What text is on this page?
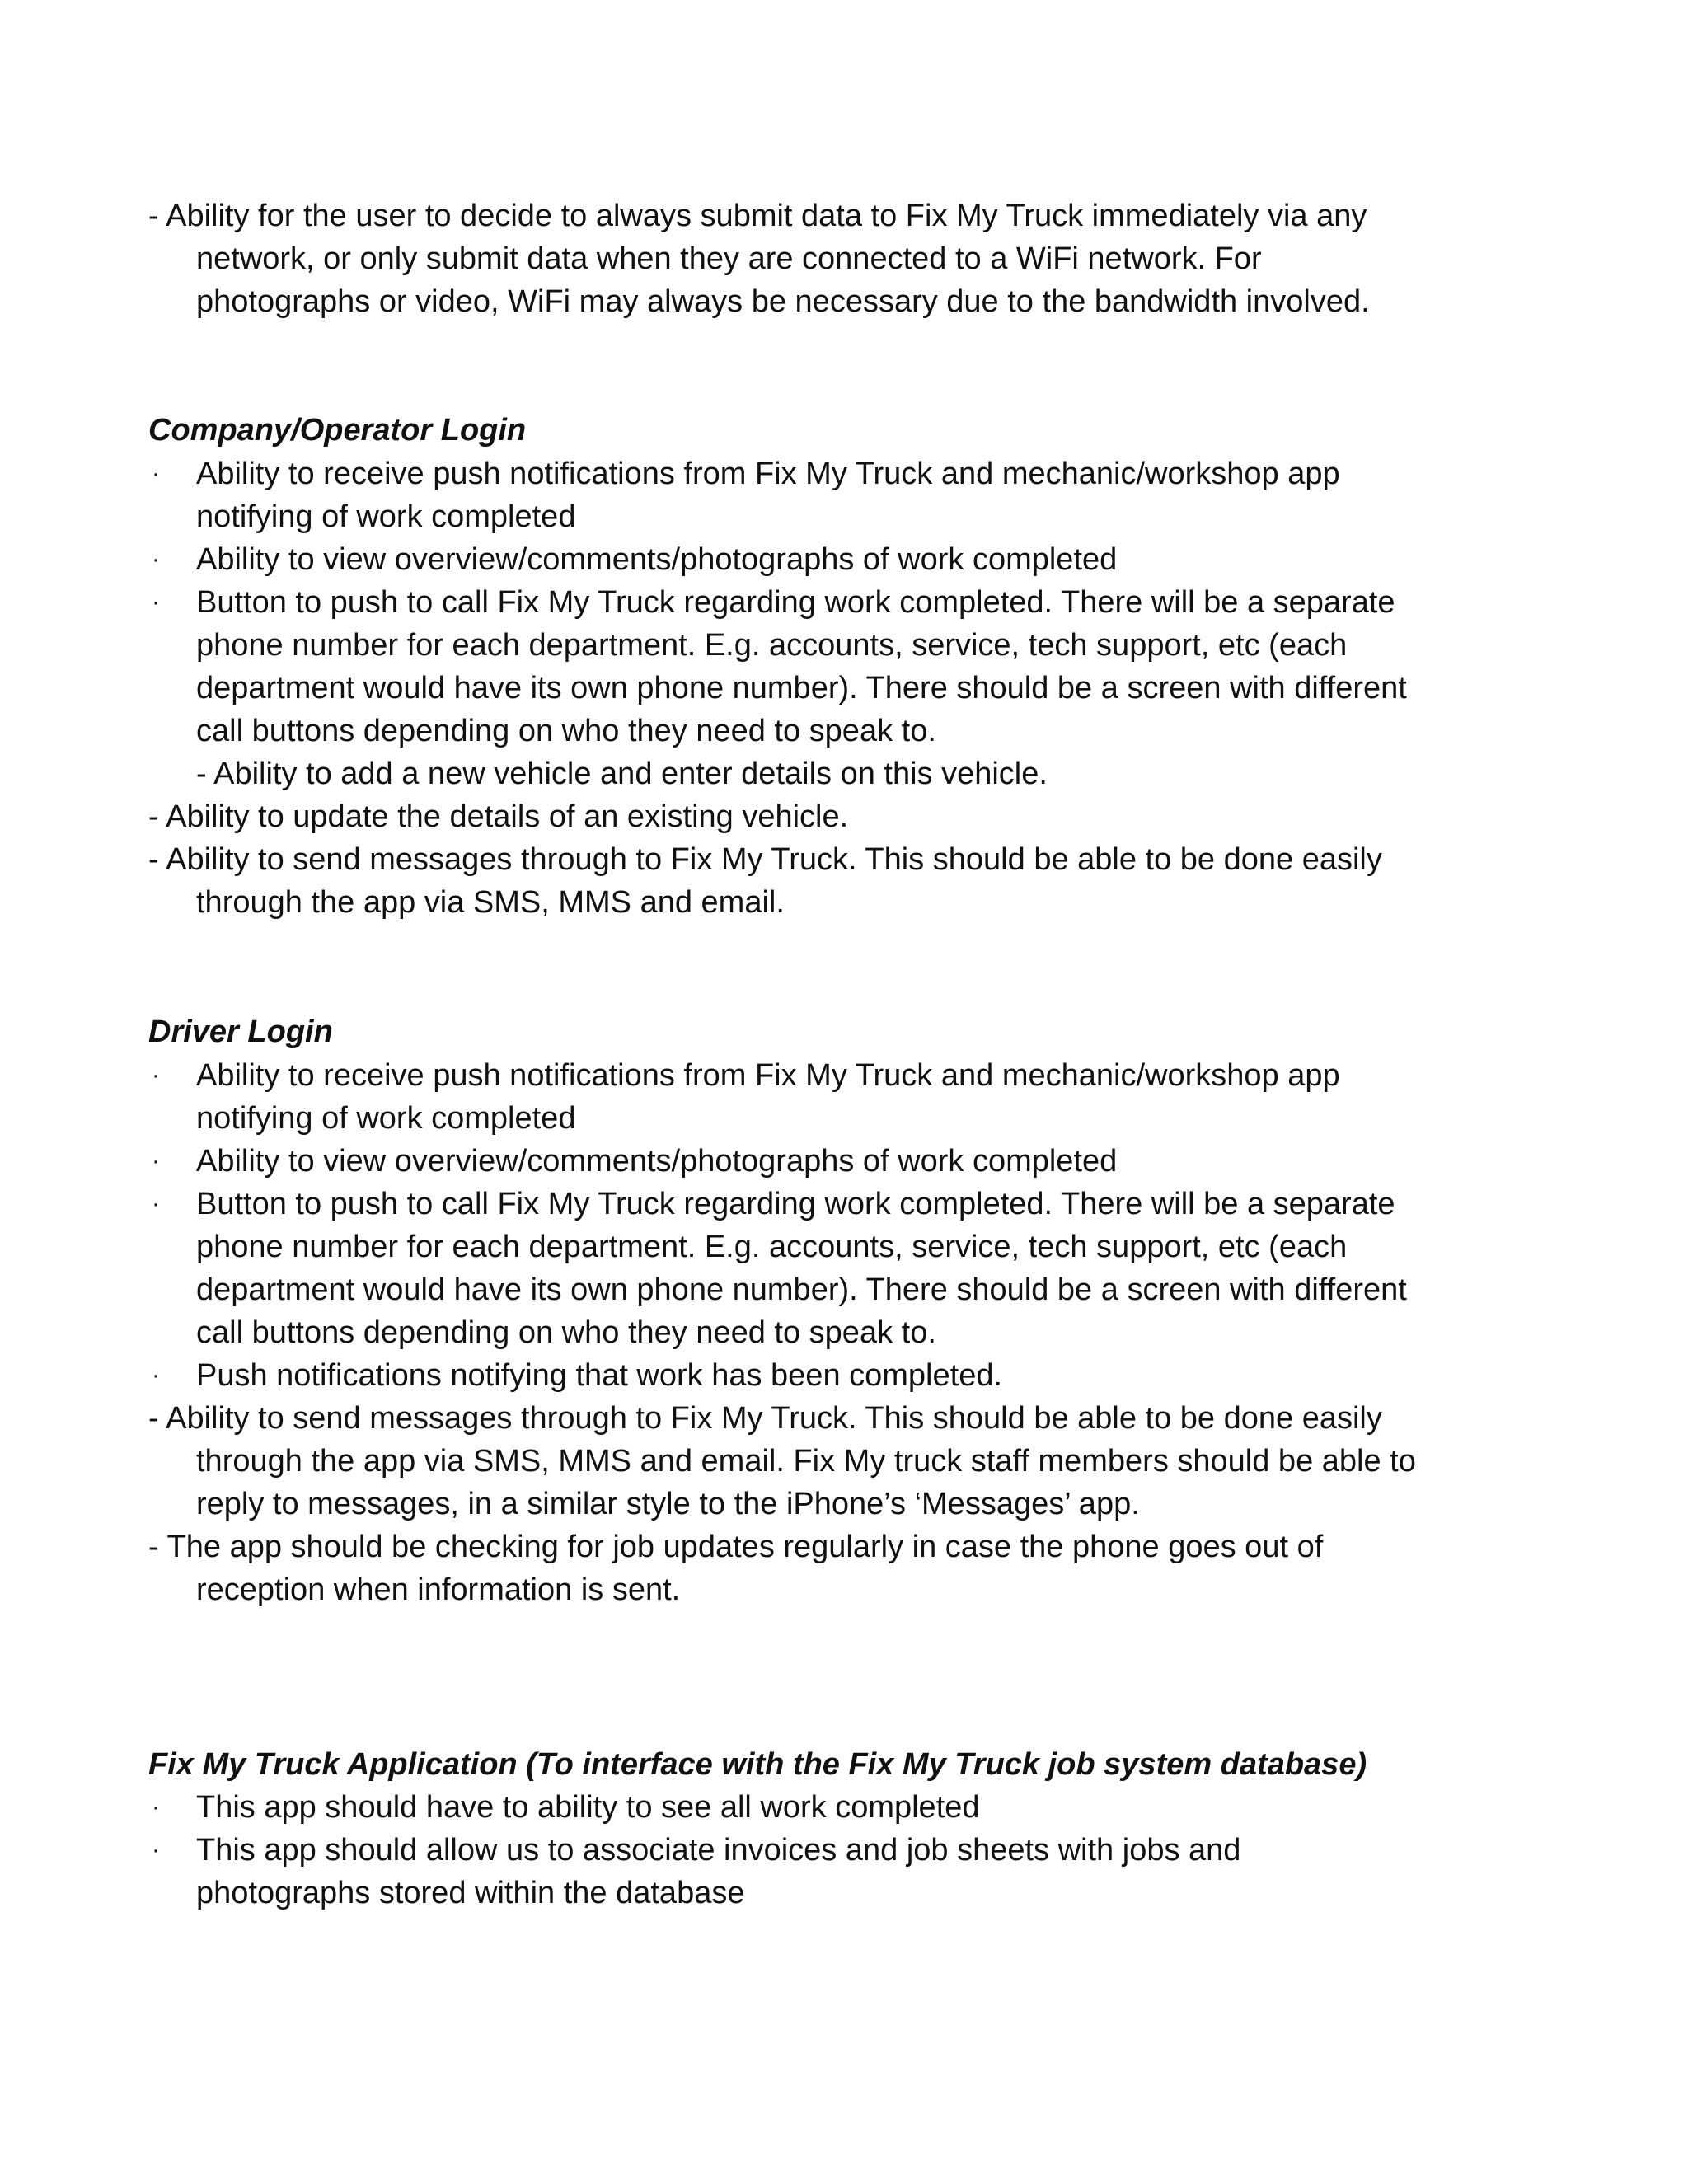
- Ability for the user to decide to always submit data to Fix My Truck immediately via any
network, or only submit data when they are connected to a WiFi network. For
photographs or video, WiFi may always be necessary due to the bandwidth involved.
Company/Operator Login
· Ability to receive push notifications from Fix My Truck and mechanic/workshop app
notifying of work completed
· Ability to view overview/comments/photographs of work completed
· Button to push to call Fix My Truck regarding work completed. There will be a separate
phone number for each department. E.g. accounts, service, tech support, etc (each
department would have its own phone number). There should be a screen with different
call buttons depending on who they need to speak to.
- Ability to add a new vehicle and enter details on this vehicle.
- Ability to update the details of an existing vehicle.
- Ability to send messages through to Fix My Truck. This should be able to be done easily
through the app via SMS, MMS and email.
Driver Login
· Ability to receive push notifications from Fix My Truck and mechanic/workshop app
notifying of work completed
· Ability to view overview/comments/photographs of work completed
· Button to push to call Fix My Truck regarding work completed. There will be a separate
phone number for each department. E.g. accounts, service, tech support, etc (each
department would have its own phone number). There should be a screen with different
call buttons depending on who they need to speak to.
· Push notifications notifying that work has been completed.
- Ability to send messages through to Fix My Truck. This should be able to be done easily
through the app via SMS, MMS and email. Fix My truck staff members should be able to
reply to messages, in a similar style to the iPhone’s ‘Messages’ app.
- The app should be checking for job updates regularly in case the phone goes out of
reception when information is sent.
Fix My Truck Application (To interface with the Fix My Truck job system database)
· This app should have to ability to see all work completed
· This app should allow us to associate invoices and job sheets with jobs and
photographs stored within the database
